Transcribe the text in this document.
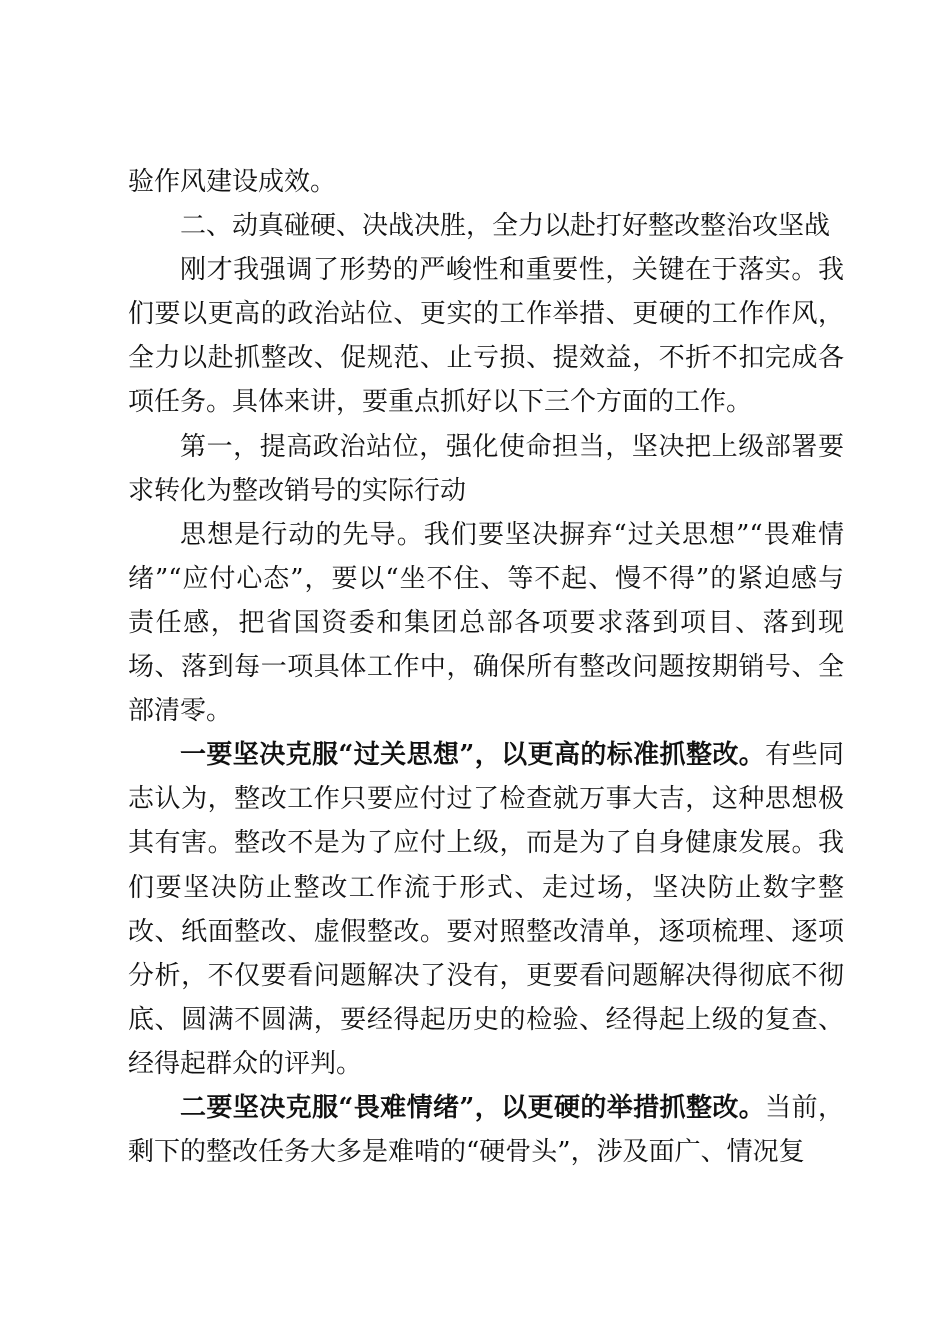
验作风建设成效。

二、动真碰硬、决战决胜，全力以赴打好整改整治攻坚战

刚才我强调了形势的严峻性和重要性，关键在于落实。我们要以更高的政治站位、更实的工作举措、更硬的工作作风，全力以赴抓整改、促规范、止亏损、提效益，不折不扣完成各项任务。具体来讲，要重点抓好以下三个方面的工作。

第一，提高政治站位，强化使命担当，坚决把上级部署要求转化为整改销号的实际行动

思想是行动的先导。我们要坚决摒弃“过关思想”“畏难情绪”“应付心态”，要以“坐不住、等不起、慢不得”的紧迫感与责任感，把省国资委和集团总部各项要求落到项目、落到现场、落到每一项具体工作中，确保所有整改问题按期销号、全部清零。

一要坚决克服“过关思想”，以更高的标准抓整改。有些同志认为，整改工作只要应付过了检查就万事大吉，这种思想极其有害。整改不是为了应付上级，而是为了自身健康发展。我们要坚决防止整改工作流于形式、走过场，坚决防止数字整改、纸面整改、虚假整改。要对照整改清单，逐项梳理、逐项分析，不仅要看问题解决了没有，更要看问题解决得彻底不彻底、圆满不圆满，要经得起历史的检验、经得起上级的复查、经得起群众的评判。

二要坚决克服“畏难情绪”，以更硬的举措抓整改。当前，剩下的整改任务大多是难啃的“硬骨头”，涉及面广、情况复
